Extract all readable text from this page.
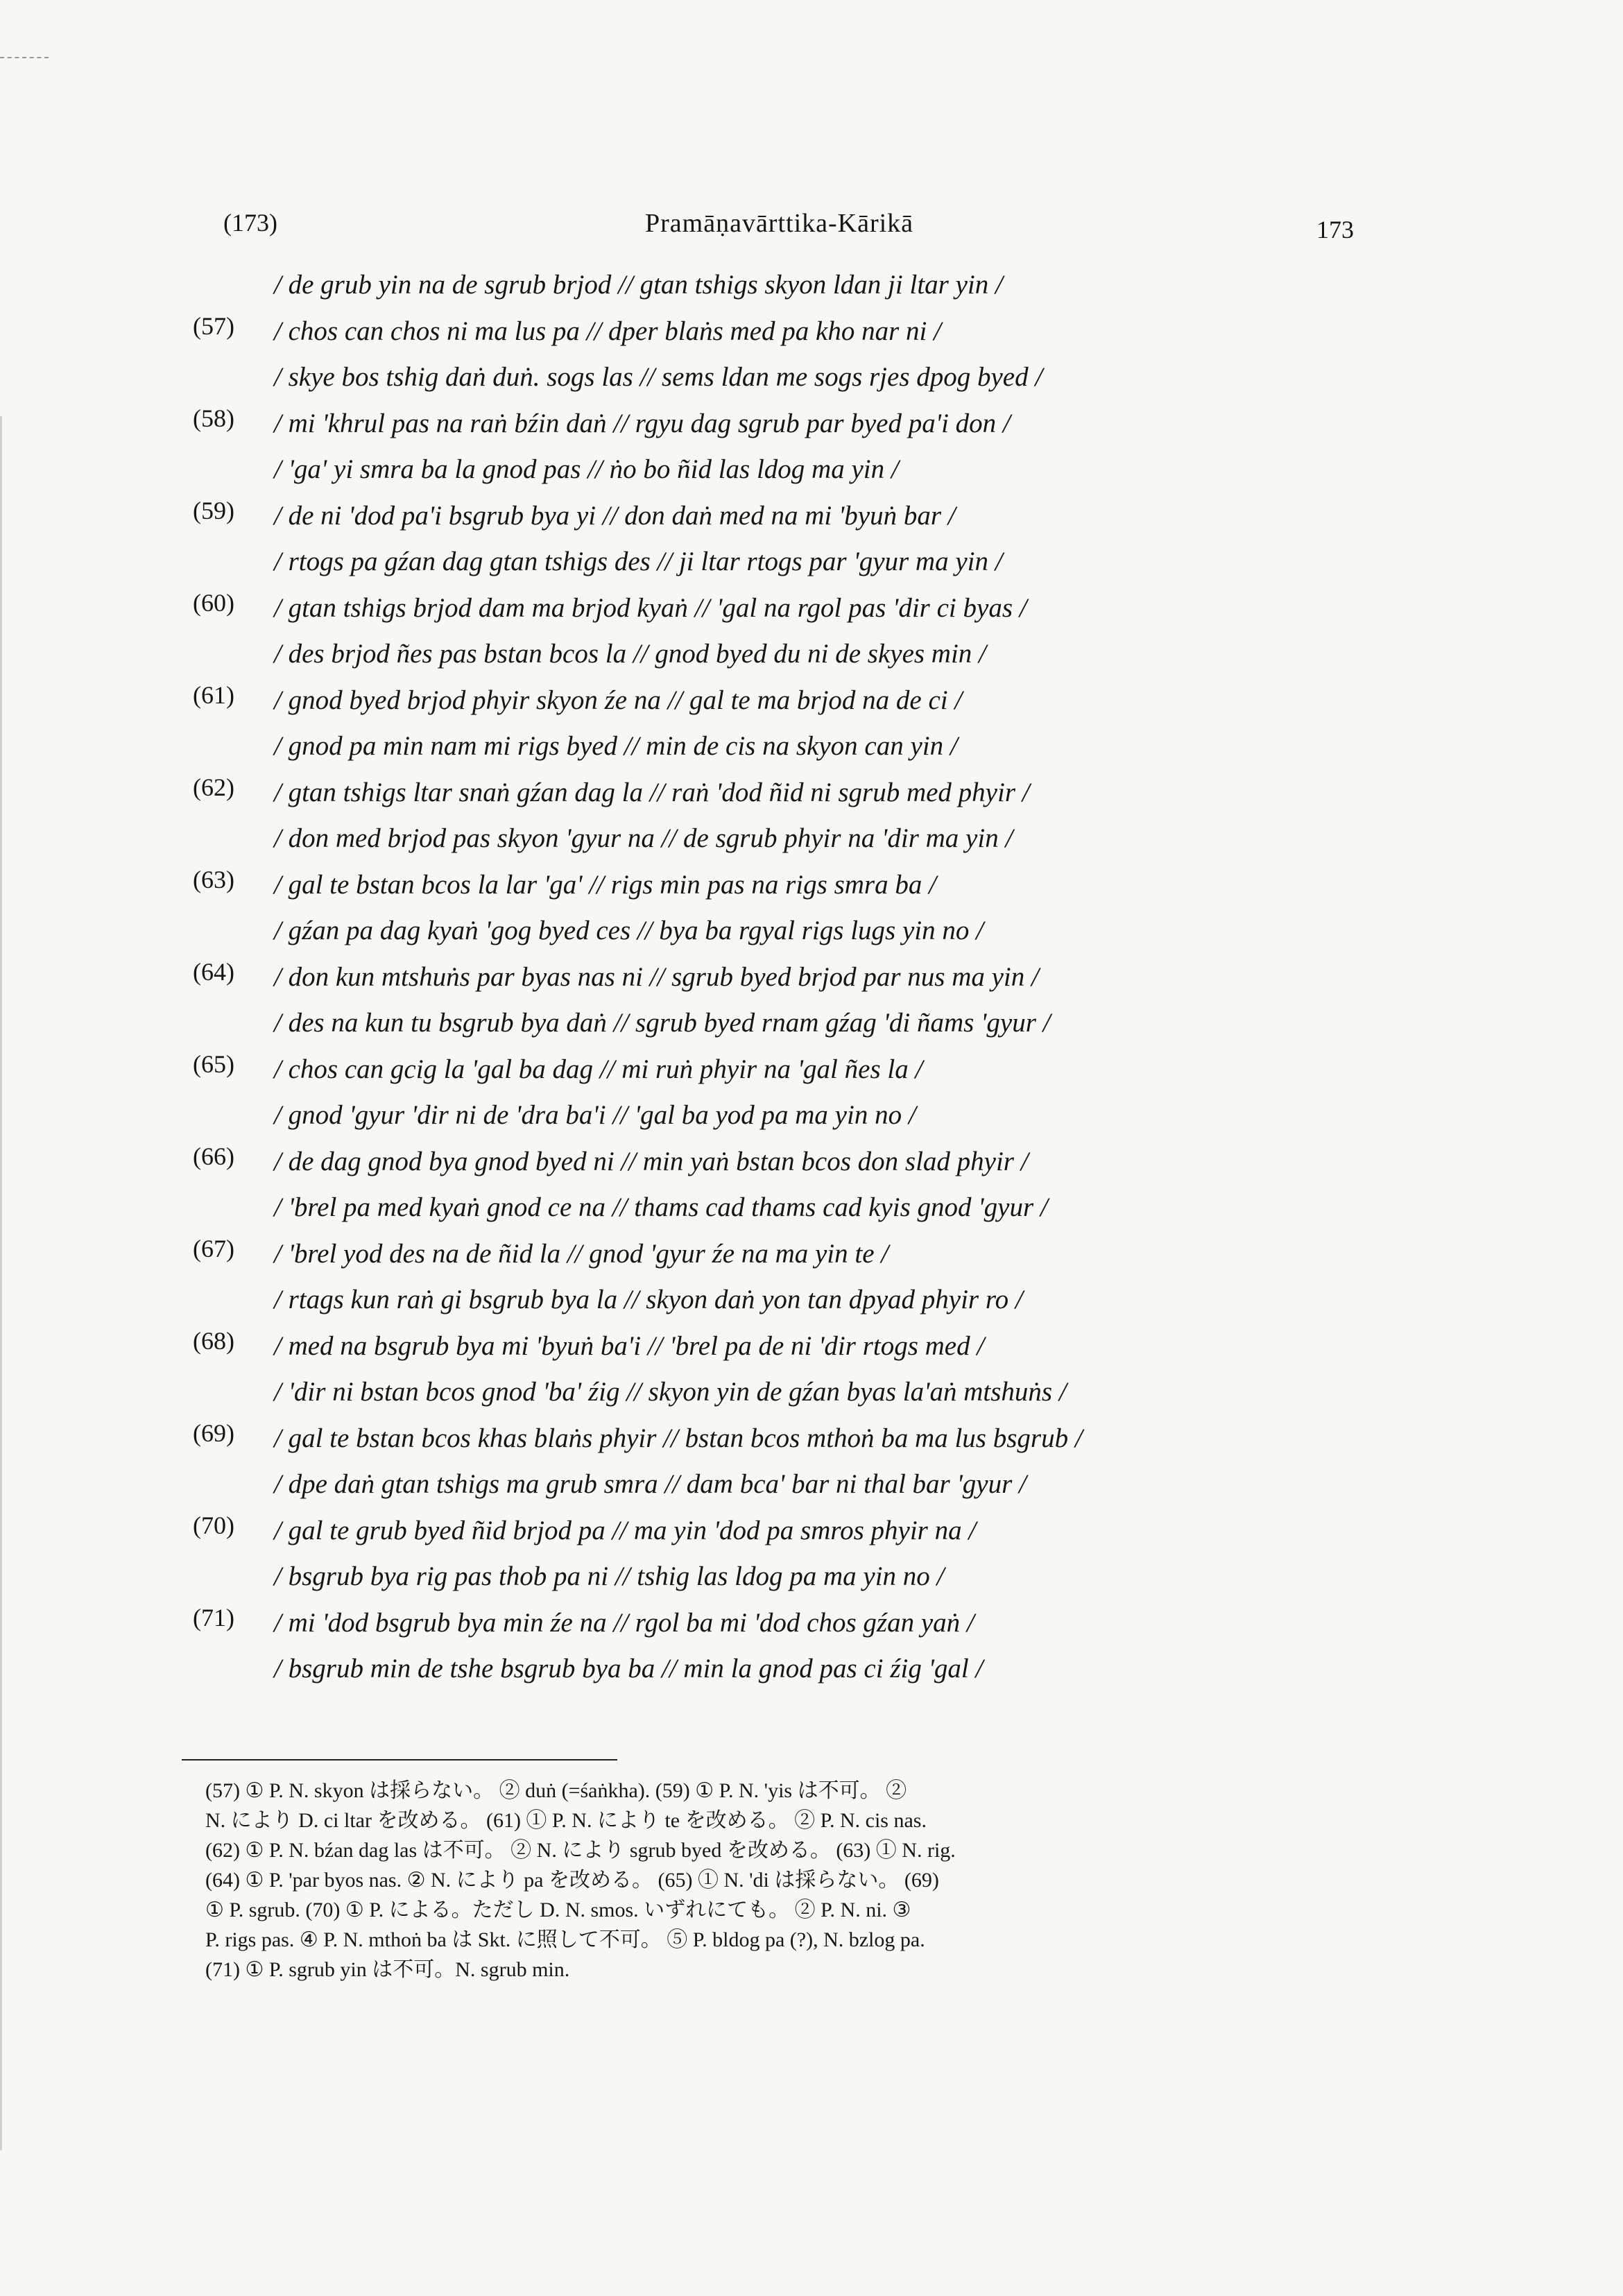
(173)	Pramāṇavārttika-Kārikā	173
/ de grub yin na de sgrub brjod // gtan tshigs skyon ldan ji ltar yin /
(57) / chos can chos ni ma lus pa // dper blaṅs med pa kho nar ni /
/ skye bos tshig daṅ duṅ. sogs las // sems ldan me sogs rjes dpog byed /
(58) / mi 'khrul pas na raṅ bźin daṅ // rgyu dag sgrub par byed pa'i don /
/ 'ga' yi smra ba la gnod pas // ṅo bo ñid las ldog ma yin /
(59) / de ni 'dod pa'i bsgrub bya yi // don daṅ med na mi 'byuṅ bar /
/ rtogs pa gźan dag gtan tshigs des // ji ltar rtogs par 'gyur ma yin /
(60) / gtan tshigs brjod dam ma brjod kyaṅ // 'gal na rgol pas 'dir ci byas /
/ des brjod ñes pas bstan bcos la // gnod byed du ni de skyes min /
(61) / gnod byed brjod phyir skyon źe na // gal te ma brjod na de ci /
/ gnod pa min nam mi rigs byed // min de cis na skyon can yin /
(62) / gtan tshigs ltar snaṅ gźan dag la // raṅ 'dod ñid ni sgrub med phyir /
/ don med brjod pas skyon 'gyur na // de sgrub phyir na 'dir ma yin /
(63) / gal te bstan bcos la lar 'ga' // rigs min pas na rigs smra ba /
/ gźan pa dag kyaṅ 'gog byed ces // bya ba rgyal rigs lugs yin no /
(64) / don kun mtshuṅs par byas nas ni // sgrub byed brjod par nus ma yin /
/ des na kun tu bsgrub bya daṅ // sgrub byed rnam gźag 'di ñams 'gyur /
(65) / chos can gcig la 'gal ba dag // mi ruṅ phyir na 'gal ñes la /
/ gnod 'gyur 'dir ni de 'dra ba'i // 'gal ba yod pa ma yin no /
(66) / de dag gnod bya gnod byed ni // min yaṅ bstan bcos don slad phyir /
/ 'brel pa med kyaṅ gnod ce na // thams cad thams cad kyis gnod 'gyur /
(67) / 'brel yod des na de ñid la // gnod 'gyur źe na ma yin te /
/ rtags kun raṅ gi bsgrub bya la // skyon daṅ yon tan dpyad phyir ro /
(68) / med na bsgrub bya mi 'byuṅ ba'i // 'brel pa de ni 'dir rtogs med /
/ 'dir ni bstan bcos gnod 'ba' źig // skyon yin de gźan byas la'aṅ mtshuṅs /
(69) / gal te bstan bcos khas blaṅs phyir // bstan bcos mthoṅ ba ma lus bsgrub /
/ dpe daṅ gtan tshigs ma grub smra // dam bca' bar ni thal bar 'gyur /
(70) / gal te grub byed ñid brjod pa // ma yin 'dod pa smros phyir na /
/ bsgrub bya rig pas thob pa ni // tshig las ldog pa ma yin no /
(71) / mi 'dod bsgrub bya min źe na // rgol ba mi 'dod chos gźan yaṅ /
/ bsgrub min de tshe bsgrub bya ba // min la gnod pas ci źig 'gal /
(57) ① P. N. skyon は採らない。 ② duṅ (=śaṅkha). (59) ① P. N. 'yis は不可。 ②
N. により D. ci ltar を改める。 (61) ① P. N. により te を改める。 ② P. N. cis nas.
(62) ① P. N. bźan dag las は不可。 ② N. により sgrub byed を改める。 (63) ① N. rig.
(64) ① P. 'par byos nas. ② N. により pa を改める。 (65) ① N. 'di は採らない。 (69)
① P. sgrub. (70) ① P. による。ただし D. N. smos. いずれにても。 ② P. N. ni. ③
P. rigs pas. ④ P. N. mthoṅ ba は Skt. に照して不可。 ⑤ P. bldog pa (?), N. bzlog pa.
(71) ① P. sgrub yin は不可。N. sgrub min.
